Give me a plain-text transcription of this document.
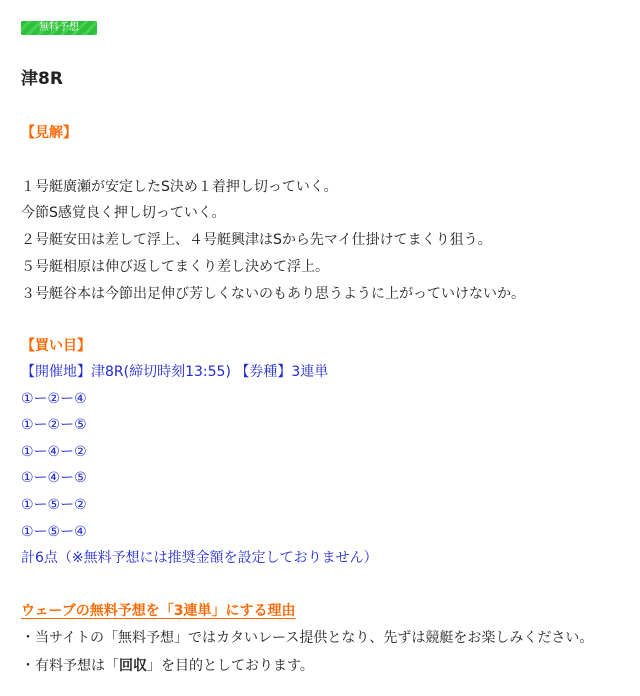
無料予想
津8R
【見解】
１号艇廣瀬が安定したS決め１着押し切っていく。
今節S感覚良く押し切っていく。
２号艇安田は差して浮上、４号艇興津はSから先マイ仕掛けてまくり狙う。
５号艇相原は伸び返してまくり差し決めて浮上。
３号艇谷本は今節出足伸び芳しくないのもあり思うように上がっていけないか。
【買い目】
【開催地】津8R(締切時刻13:55) 【券種】3連単
①ー②ー④
①ー②ー⑤
①ー④ー②
①ー④ー⑤
①ー⑤ー②
①ー⑤ー④
計6点（※無料予想には推奨金額を設定しておりません）
ウェーブの無料予想を「3連単」にする理由
・当サイトの「無料予想」ではカタいレース提供となり、先ずは競艇をお楽しみください。
・有料予想は「回収」を目的としております。
